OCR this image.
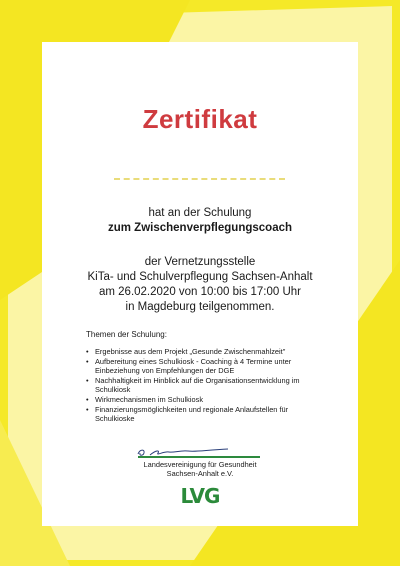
Zertifikat
hat an der Schulung
zum Zwischenverpflegungscoach
der Vernetzungsstelle
KiTa- und Schulverpflegung Sachsen-Anhalt
am 26.02.2020 von 10:00 bis 17:00 Uhr
in Magdeburg teilgenommen.
Themen der Schulung:
• Ergebnisse aus dem Projekt „Gesunde Zwischenmahlzeit"
• Aufbereitung eines Schulkiosk - Coaching à 4 Termine unter Einbeziehung von Empfehlungen der DGE
• Nachhaltigkeit im Hinblick auf die Organisationsentwicklung im Schulkiosk
• Wirkmechanismen im Schulkiosk
• Finanzierungsmöglichkeiten und regionale Anlaufstellen für Schulkioske
Landesvereinigung für Gesundheit
Sachsen-Anhalt e.V.
LVG
